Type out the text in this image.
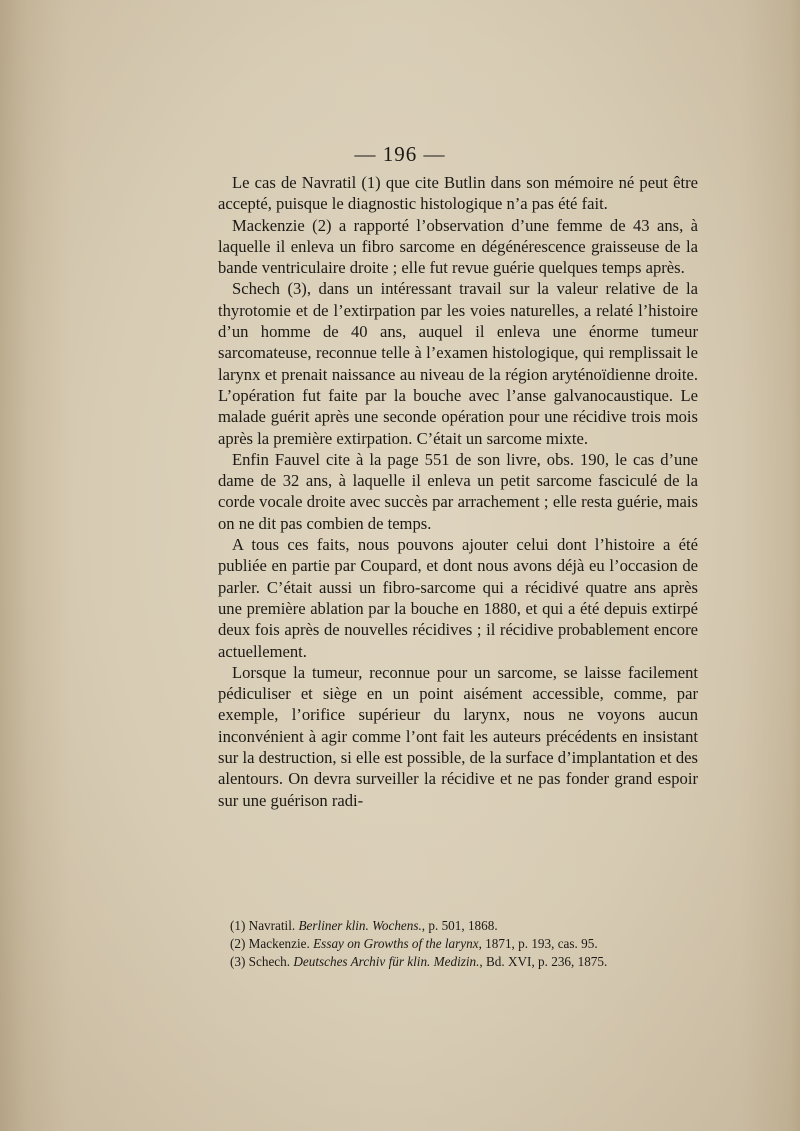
— 196 —

Le cas de Navratil (1) que cite Butlin dans son mémoire né peut être accepté, puisque le diagnostic histologique n’a pas été fait.

Mackenzie (2) a rapporté l’observation d’une femme de 43 ans, à laquelle il enleva un fibro sarcome en dégénérescence graisseuse de la bande ventriculaire droite ; elle fut revue guérie quelques temps après.

Schech (3), dans un intéressant travail sur la valeur relative de la thyrotomie et de l’extirpation par les voies naturelles, a relaté l’histoire d’un homme de 40 ans, auquel il enleva une énorme tumeur sarcomateuse, reconnue telle à l’examen histologique, qui remplissait le larynx et prenait naissance au niveau de la région aryténoïdienne droite. L’opération fut faite par la bouche avec l’anse galvanocaustique. Le malade guérit après une seconde opération pour une récidive trois mois après la première extirpation. C’était un sarcome mixte.

Enfin Fauvel cite à la page 551 de son livre, obs. 190, le cas d’une dame de 32 ans, à laquelle il enleva un petit sarcome fasciculé de la corde vocale droite avec succès par arrachement ; elle resta guérie, mais on ne dit pas combien de temps.

A tous ces faits, nous pouvons ajouter celui dont l’histoire a été publiée en partie par Coupard, et dont nous avons déjà eu l’occasion de parler. C’était aussi un fibro-sarcome qui a récidivé quatre ans après une première ablation par la bouche en 1880, et qui a été depuis extirpé deux fois après de nouvelles récidives ; il récidive probablement encore actuellement.

Lorsque la tumeur, reconnue pour un sarcome, se laisse facilement pédiculiser et siège en un point aisément accessible, comme, par exemple, l’orifice supérieur du larynx, nous ne voyons aucun inconvénient à agir comme l’ont fait les auteurs précédents en insistant sur la destruction, si elle est possible, de la surface d’implantation et des alentours. On devra surveiller la récidive et ne pas fonder grand espoir sur une guérison radi-

(1) Navratil. Berliner klin. Wochens., p. 501, 1868.

(2) Mackenzie. Essay on Growths of the larynx, 1871, p. 193, cas. 95.

(3) Schech. Deutsches Archiv für klin. Medizin., Bd. XVI, p. 236, 1875.
